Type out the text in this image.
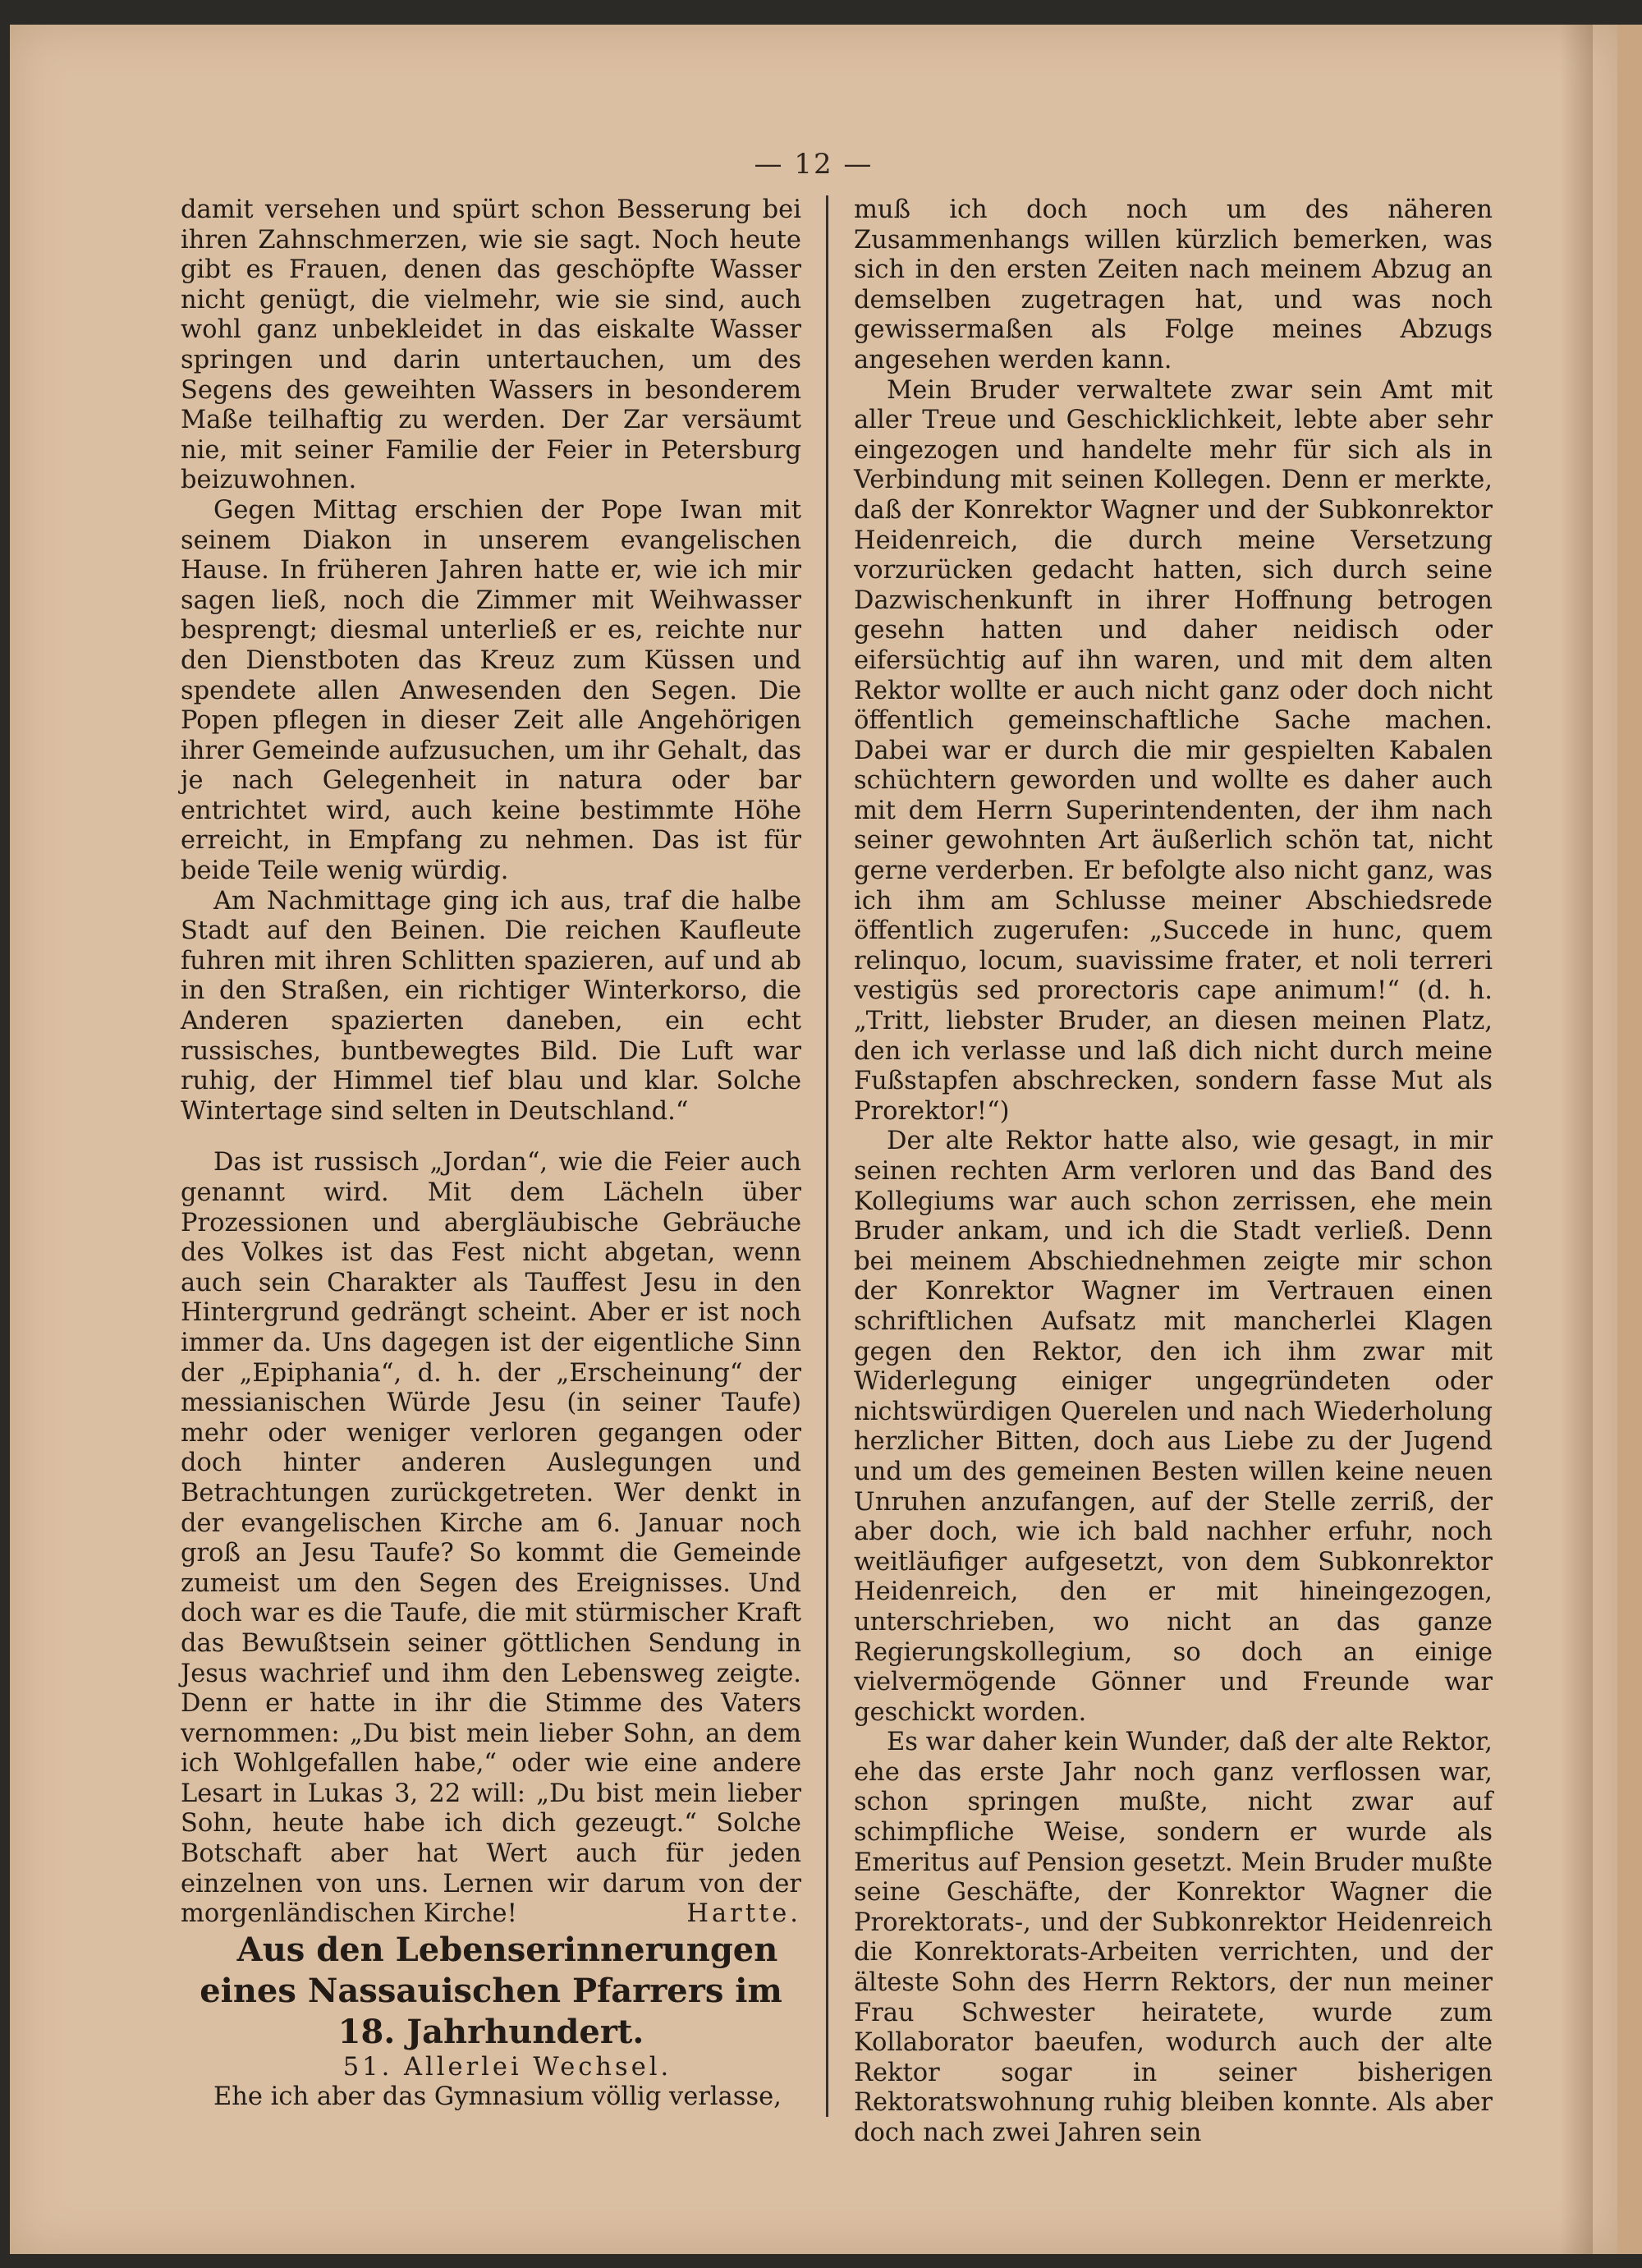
— 12 —

damit versehen und spürt schon Besserung bei ihren Zahnschmerzen, wie sie sagt. Noch heute gibt es Frauen, denen das geschöpfte Wasser nicht genügt, die vielmehr, wie sie sind, auch wohl ganz unbekleidet in das eiskalte Wasser springen und darin untertauchen, um des Segens des geweihten Wassers in besonderem Maße teilhaftig zu werden. Der Zar versäumt nie, mit seiner Familie der Feier in Petersburg beizuwohnen.

Gegen Mittag erschien der Pope Iwan mit seinem Diakon in unserem evangelischen Hause. In früheren Jahren hatte er, wie ich mir sagen ließ, noch die Zimmer mit Weihwasser besprengt; diesmal unterließ er es, reichte nur den Dienstboten das Kreuz zum Küssen und spendete allen Anwesenden den Segen. Die Popen pflegen in dieser Zeit alle Angehörigen ihrer Gemeinde aufzusuchen, um ihr Gehalt, das je nach Gelegenheit in natura oder bar entrichtet wird, auch keine bestimmte Höhe erreicht, in Empfang zu nehmen. Das ist für beide Teile wenig würdig.

Am Nachmittage ging ich aus, traf die halbe Stadt auf den Beinen. Die reichen Kaufleute fuhren mit ihren Schlitten spazieren, auf und ab in den Straßen, ein richtiger Winterkorso, die Anderen spazierten daneben, ein echt russisches, buntbewegtes Bild. Die Luft war ruhig, der Himmel tief blau und klar. Solche Wintertage sind selten in Deutschland.“

Das ist russisch „Jordan“, wie die Feier auch genannt wird. Mit dem Lächeln über Prozessionen und abergläubische Gebräuche des Volkes ist das Fest nicht abgetan, wenn auch sein Charakter als Tauffest Jesu in den Hintergrund gedrängt scheint. Aber er ist noch immer da. Uns dagegen ist der eigentliche Sinn der „Epiphania“, d. h. der „Erscheinung“ der messianischen Würde Jesu (in seiner Taufe) mehr oder weniger verloren gegangen oder doch hinter anderen Auslegungen und Betrachtungen zurückgetreten. Wer denkt in der evangelischen Kirche am 6. Januar noch groß an Jesu Taufe? So kommt die Gemeinde zumeist um den Segen des Ereignisses. Und doch war es die Taufe, die mit stürmischer Kraft das Bewußtsein seiner göttlichen Sendung in Jesus wachrief und ihm den Lebensweg zeigte. Denn er hatte in ihr die Stimme des Vaters vernommen: „Du bist mein lieber Sohn, an dem ich Wohlgefallen habe,“ oder wie eine andere Lesart in Lukas 3, 22 will: „Du bist mein lieber Sohn, heute habe ich dich gezeugt.“ Solche Botschaft aber hat Wert auch für jeden einzelnen von uns. Lernen wir darum von der morgenländischen Kirche!	Hartte.

Aus den Lebenserinnerungen eines Nassauischen Pfarrers im 18. Jahrhundert.

51. Allerlei Wechsel.

Ehe ich aber das Gymnasium völlig verlasse,

muß ich doch noch um des näheren Zusammenhangs willen kürzlich bemerken, was sich in den ersten Zeiten nach meinem Abzug an demselben zugetragen hat, und was noch gewissermaßen als Folge meines Abzugs angesehen werden kann.

Mein Bruder verwaltete zwar sein Amt mit aller Treue und Geschicklichkeit, lebte aber sehr eingezogen und handelte mehr für sich als in Verbindung mit seinen Kollegen. Denn er merkte, daß der Konrektor Wagner und der Subkonrektor Heidenreich, die durch meine Versetzung vorzurücken gedacht hatten, sich durch seine Dazwischenkunft in ihrer Hoffnung betrogen gesehn hatten und daher neidisch oder eifersüchtig auf ihn waren, und mit dem alten Rektor wollte er auch nicht ganz oder doch nicht öffentlich gemeinschaftliche Sache machen. Dabei war er durch die mir gespielten Kabalen schüchtern geworden und wollte es daher auch mit dem Herrn Superintendenten, der ihm nach seiner gewohnten Art äußerlich schön tat, nicht gerne verderben. Er befolgte also nicht ganz, was ich ihm am Schlusse meiner Abschiedsrede öffentlich zugerufen: „Succede in hunc, quem relinquo, locum, suavissime frater, et noli terreri vestigüs sed prorectoris cape animum!“ (d. h. „Tritt, liebster Bruder, an diesen meinen Platz, den ich verlasse und laß dich nicht durch meine Fußstapfen abschrecken, sondern fasse Mut als Prorektor!“)

Der alte Rektor hatte also, wie gesagt, in mir seinen rechten Arm verloren und das Band des Kollegiums war auch schon zerrissen, ehe mein Bruder ankam, und ich die Stadt verließ. Denn bei meinem Abschiednehmen zeigte mir schon der Konrektor Wagner im Vertrauen einen schriftlichen Aufsatz mit mancherlei Klagen gegen den Rektor, den ich ihm zwar mit Widerlegung einiger ungegründeten oder nichtswürdigen Querelen und nach Wiederholung herzlicher Bitten, doch aus Liebe zu der Jugend und um des gemeinen Besten willen keine neuen Unruhen anzufangen, auf der Stelle zerriß, der aber doch, wie ich bald nachher erfuhr, noch weitläufiger aufgesetzt, von dem Subkonrektor Heidenreich, den er mit hineingezogen, unterschrieben, wo nicht an das ganze Regierungskollegium, so doch an einige vielvermögende Gönner und Freunde war geschickt worden.

Es war daher kein Wunder, daß der alte Rektor, ehe das erste Jahr noch ganz verflossen war, schon springen mußte, nicht zwar auf schimpfliche Weise, sondern er wurde als Emeritus auf Pension gesetzt. Mein Bruder mußte seine Geschäfte, der Konrektor Wagner die Prorektorats-, und der Subkonrektor Heidenreich die Konrektorats-Arbeiten verrichten, und der älteste Sohn des Herrn Rektors, der nun meiner Frau Schwester heiratete, wurde zum Kollaborator baeufen, wodurch auch der alte Rektor sogar in seiner bisherigen Rektoratswohnung ruhig bleiben konnte. Als aber doch nach zwei Jahren sein
